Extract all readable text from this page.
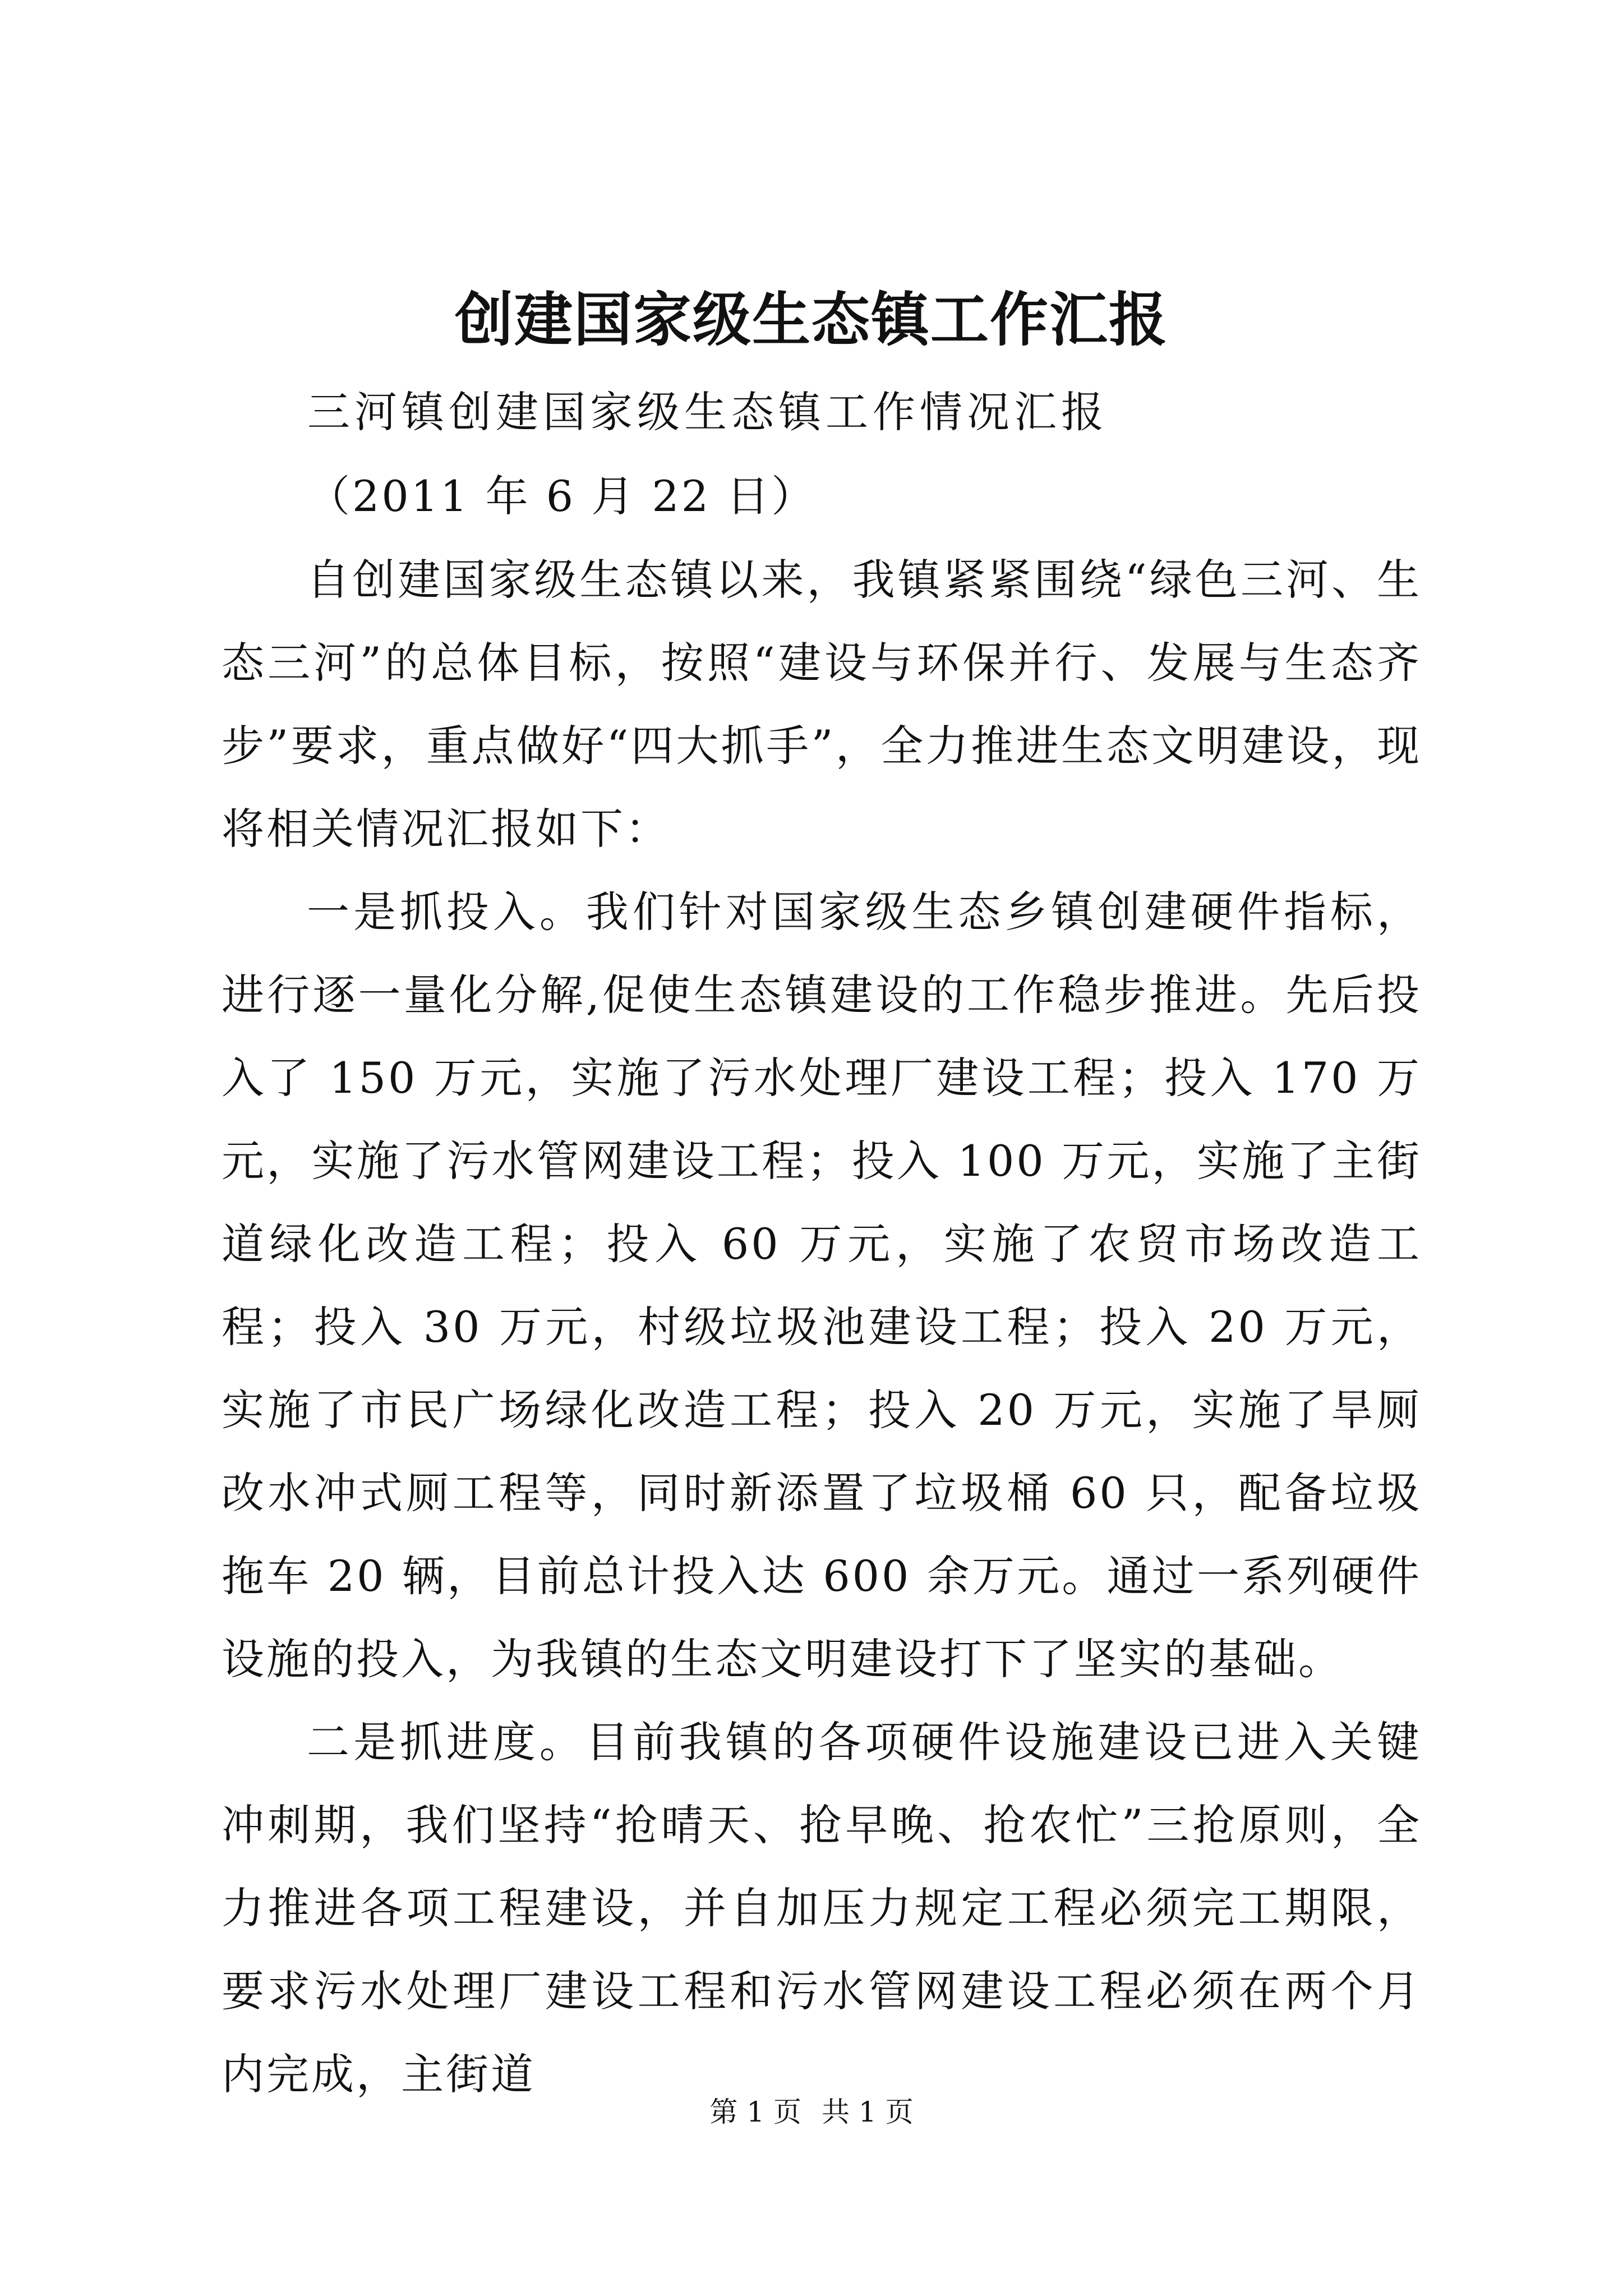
创建国家级生态镇工作汇报
三河镇创建国家级生态镇工作情况汇报
（2011 年 6 月 22 日）

自创建国家级生态镇以来，我镇紧紧围绕“绿色三河、生态三河”的总体目标，按照“建设与环保并行、发展与生态齐步”要求，重点做好“四大抓手”，全力推进生态文明建设，现将相关情况汇报如下：

一是抓投入。我们针对国家级生态乡镇创建硬件指标，进行逐一量化分解,促使生态镇建设的工作稳步推进。先后投入了 150 万元，实施了污水处理厂建设工程；投入 170 万元，实施了污水管网建设工程；投入 100 万元，实施了主街道绿化改造工程；投入 60 万元，实施了农贸市场改造工程；投入 30 万元，村级垃圾池建设工程；投入 20 万元，实施了市民广场绿化改造工程；投入 20 万元，实施了旱厕改水冲式厕工程等，同时新添置了垃圾桶 60 只，配备垃圾拖车 20 辆，目前总计投入达 600 余万元。通过一系列硬件设施的投入，为我镇的生态文明建设打下了坚实的基础。

二是抓进度。目前我镇的各项硬件设施建设已进入关键冲刺期，我们坚持“抢晴天、抢早晚、抢农忙”三抢原则，全力推进各项工程建设，并自加压力规定工程必须完工期限，要求污水处理厂建设工程和污水管网建设工程必须在两个月内完成，主街道

第 1 页 共 1 页
